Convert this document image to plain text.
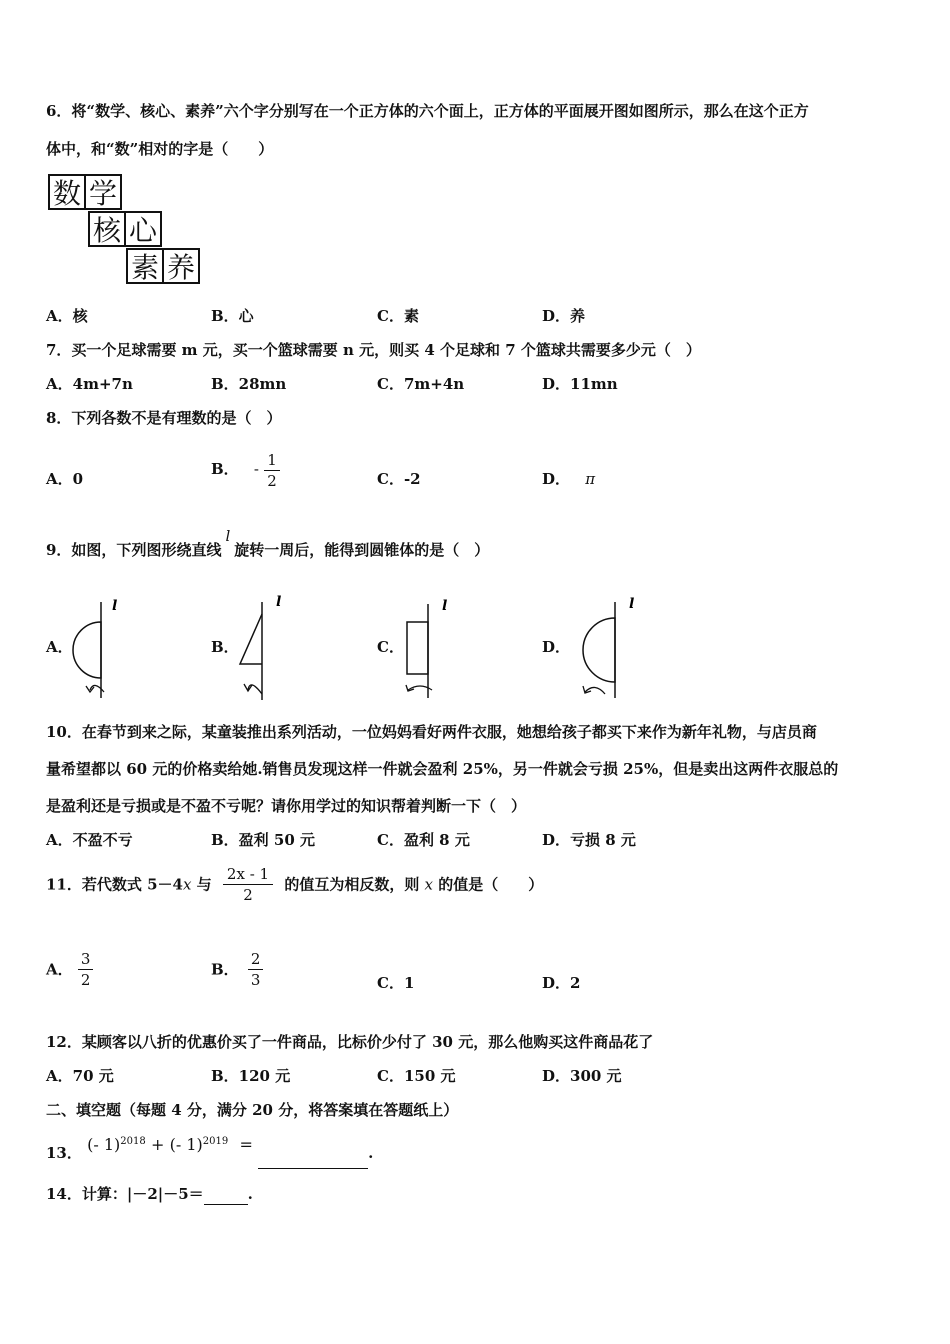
6．将“数学、核心、素养”六个字分别写在一个正方体的六个面上，正方体的平面展开图如图所示，那么在这个正方
体中，和“数”相对的字是（　　）
数 学
核 心
素 养
A．核	B．心	C．素	D．养
7．买一个足球需要 m 元，买一个篮球需要 n 元，则买 4 个足球和 7 个篮球共需要多少元（　）
A．4m+7n	B．28mn	C．7m+4n	D．11mn
8．下列各数不是有理数的是（　）
A．0
B． - $\frac{1}{2}$	C．-2	D． π
9．如图，下列图形绕直线l旋转一周后，能得到圆锥体的是（　）
A．
l
B．
l
C．
l
D．
l
10．在春节到来之际，某童装推出系列活动，一位妈妈看好两件衣服，她想给孩子都买下来作为新年礼物，与店员商
量希望都以 60 元的价格卖给她.销售员发现这样一件就会盈利 25%，另一件就会亏损 25%，但是卖出这两件衣服总的
是盈利还是亏损或是不盈不亏呢？请你用学过的知识帮着判断一下（　）
A．不盈不亏	B．盈利 50 元	C．盈利 8 元	D．亏损 8 元
11．若代数式 5－4x 与 $\frac{2x - 1}{2}$ 的值互为相反数，则 x 的值是（　　）
A． $\frac{3}{2}$	B． $\frac{2}{3}$	C．1	D．2
12．某顾客以八折的优惠价买了一件商品，比标价少付了 30 元，那么他购买这件商品花了
A．70 元	B．120 元	C．150 元	D．300 元
二、填空题（每题 4 分，满分 20 分，将答案填在答题纸上）
13． (- 1)$^{2018}$ + (- 1)$^{2019}$ =	.
14．计算：|－2|－5＝	.
